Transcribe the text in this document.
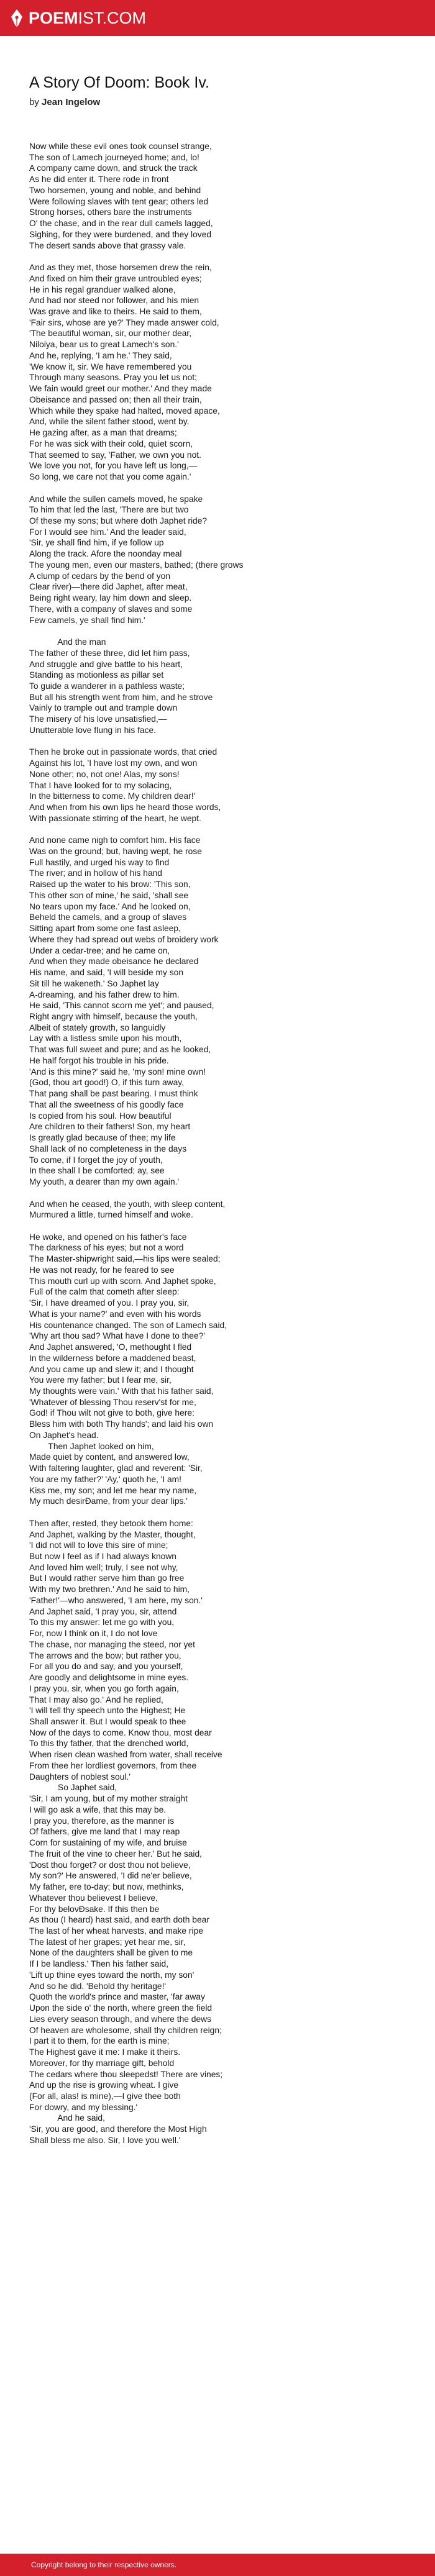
POEM IST.COM
A Story Of Doom: Book Iv.
by Jean Ingelow
Now while these evil ones took counsel strange,
The son of Lamech journeyed home; and, lo!
A company came down, and struck the track
As he did enter it. There rode in front
Two horsemen, young and noble, and behind
Were following slaves with tent gear; others led
Strong horses, others bare the instruments
O' the chase, and in the rear dull camels lagged,
Sighing, for they were burdened, and they loved
The desert sands above that grassy vale.
And as they met, those horsemen drew the rein,
And fixed on him their grave untroubled eyes;
He in his regal granduer walked alone,
And had nor steed nor follower, and his mien
Was grave and like to theirs. He said to them,
'Fair sirs, whose are ye?' They made answer cold,
'The beautiful woman, sir, our mother dear,
Niloiya, bear us to great Lamech's son.'
And he, replying, 'I am he.' They said,
'We know it, sir. We have remembered you
Through many seasons. Pray you let us not;
We fain would greet our mother.' And they made
Obeisance and passed on; then all their train,
Which while they spake had halted, moved apace,
And, while the silent father stood, went by.
He gazing after, as a man that dreams;
For he was sick with their cold, quiet scorn,
That seemed to say, 'Father, we own you not.
We love you not, for you have left us long,—
So long, we care not that you come again.'
And while the sullen camels moved, he spake
To him that led the last, 'There are but two
Of these my sons; but where doth Japhet ride?
For I would see him.' And the leader said,
'Sir, ye shall find him, if ye follow up
Along the track. Afore the noonday meal
The young men, even our masters, bathed; (there grows
A clump of cedars by the bend of yon
Clear river)—there did Japhet, after meat,
Being right weary, lay him down and sleep.
There, with a company of slaves and some
Few camels, ye shall find him.'
And the man
The father of these three, did let him pass,
And struggle and give battle to his heart,
Standing as motionless as pillar set
To guide a wanderer in a pathless waste;
But all his strength went from him, and he strove
Vainly to trample out and trample down
The misery of his love unsatisfied,—
Unutterable love flung in his face.
Then he broke out in passionate words, that cried
Against his lot, 'I have lost my own, and won
None other; no, not one! Alas, my sons!
That I have looked for to my solacing,
In the bitterness to come. My children dear!'
And when from his own lips he heard those words,
With passionate stirring of the heart, he wept.
And none came nigh to comfort him. His face
Was on the ground; but, having wept, he rose
Full hastily, and urged his way to find
The river; and in hollow of his hand
Raised up the water to his brow: 'This son,
This other son of mine,' he said, 'shall see
No tears upon my face.' And he looked on,
Beheld the camels, and a group of slaves
Sitting apart from some one fast asleep,
Where they had spread out webs of broidery work
Under a cedar-tree; and he came on,
And when they made obeisance he declared
His name, and said, 'I will beside my son
Sit till he wakeneth.' So Japhet lay
A-dreaming, and his father drew to him.
He said, 'This cannot scorn me yet'; and paused,
Right angry with himself, because the youth,
Albeit of stately growth, so languidly
Lay with a listless smile upon his mouth,
That was full sweet and pure; and as he looked,
He half forgot his trouble in his pride.
'And is this mine?' said he, 'my son! mine own!
(God, thou art good!) O, if this turn away,
That pang shall be past bearing. I must think
That all the sweetness of his goodly face
Is copied from his soul. How beautiful
Are children to their fathers! Son, my heart
Is greatly glad because of thee; my life
Shall lack of no completeness in the days
To come, if I forget the joy of youth,
In thee shall I be comforted; ay, see
My youth, a dearer than my own again.'
And when he ceased, the youth, with sleep content,
Murmured a little, turned himself and woke.
He woke, and opened on his father's face
The darkness of his eyes; but not a word
The Master-shipwright said,—his lips were sealed;
He was not ready, for he feared to see
This mouth curl up with scorn. And Japhet spoke,
Full of the calm that cometh after sleep:
'Sir, I have dreamed of you. I pray you, sir,
What is your name?' and even with his words
His countenance changed. The son of Lamech said,
'Why art thou sad? What have I done to thee?'
And Japhet answered, 'O, methought I fled
In the wilderness before a maddened beast,
And you came up and slew it; and I thought
You were my father; but I fear me, sir,
My thoughts were vain.' With that his father said,
'Whatever of blessing Thou reserv'st for me,
God! if Thou wilt not give to both, give here:
Bless him with both Thy hands'; and laid his own
On Japhet's head.
Then Japhet looked on him,
Made quiet by content, and answered low,
With faltering laughter, glad and reverent: 'Sir,
You are my father?' 'Ay,' quoth he, 'I am!
Kiss me, my son; and let me hear my name,
My much desirÐame, from your dear lips.'
Then after, rested, they betook them home:
And Japhet, walking by the Master, thought,
'I did not will to love this sire of mine;
But now I feel as if I had always known
And loved him well; truly, I see not why,
But I would rather serve him than go free
With my two brethren.' And he said to him,
'Father!'—who answered, 'I am here, my son.'
And Japhet said, 'I pray you, sir, attend
To this my answer: let me go with you,
For, now I think on it, I do not love
The chase, nor managing the steed, nor yet
The arrows and the bow; but rather you,
For all you do and say, and you yourself,
Are goodly and delightsome in mine eyes.
I pray you, sir, when you go forth again,
That I may also go.' And he replied,
'I will tell thy speech unto the Highest; He
Shall answer it. But I would speak to thee
Now of the days to come. Know thou, most dear
To this thy father, that the drenched world,
When risen clean washed from water, shall receive
From thee her lordliest governors, from thee
Daughters of noblest soul.'
So Japhet said,
'Sir, I am young, but of my mother straight
I will go ask a wife, that this may be.
I pray you, therefore, as the manner is
Of fathers, give me land that I may reap
Corn for sustaining of my wife, and bruise
The fruit of the vine to cheer her.' But he said,
'Dost thou forget? or dost thou not believe,
My son?' He answered, 'I did ne'er believe,
My father, ere to-day; but now, methinks,
Whatever thou believest I believe,
For thy belovÐsake. If this then be
As thou (I heard) hast said, and earth doth bear
The last of her wheat harvests, and make ripe
The latest of her grapes; yet hear me, sir,
None of the daughters shall be given to me
If I be landless.' Then his father said,
'Lift up thine eyes toward the north, my son'
And so he did. 'Behold thy heritage!'
Quoth the world's prince and master, 'far away
Upon the side o' the north, where green the field
Lies every season through, and where the dews
Of heaven are wholesome, shall thy children reign;
I part it to them, for the earth is mine;
The Highest gave it me: I make it theirs.
Moreover, for thy marriage gift, behold
The cedars where thou sleepedst! There are vines;
And up the rise is growing wheat. I give
(For all, alas! is mine),—I give thee both
For dowry, and my blessing.'
And he said,
'Sir, you are good, and therefore the Most High
Shall bless me also. Sir, I love you well.'
Copyright belong to their respective owners.
